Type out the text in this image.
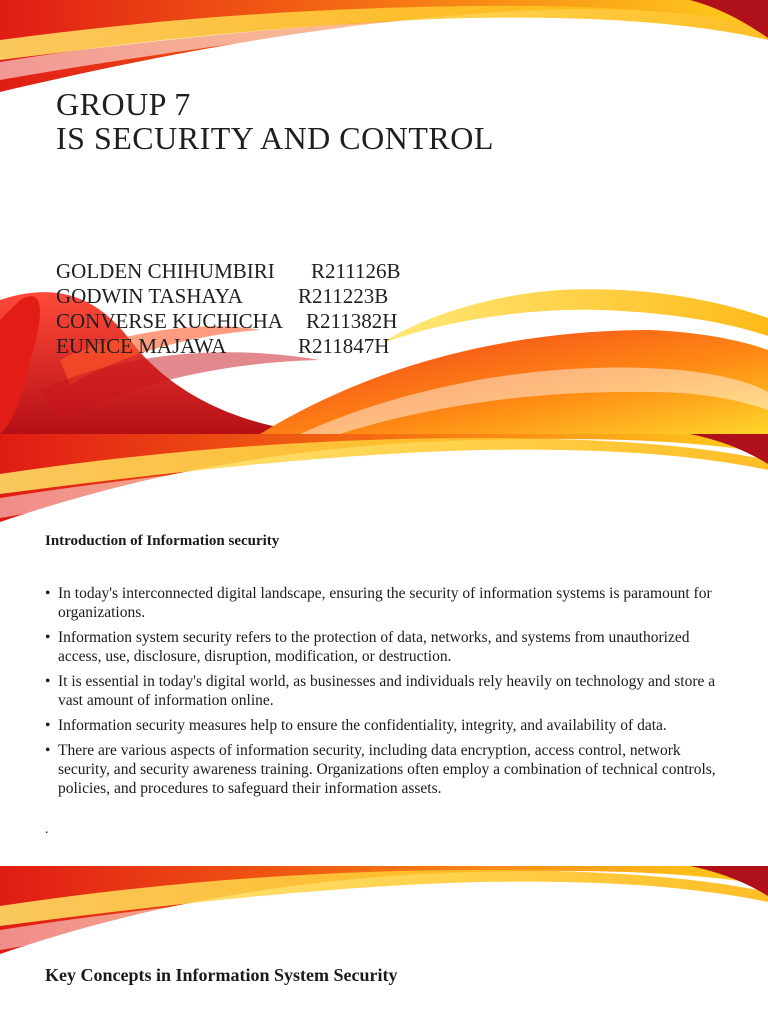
GROUP 7
IS SECURITY AND CONTROL
GOLDEN CHIHUMBIRI R211126B
GODWIN TASHAYA	R211223B
CONVERSE KUCHICHA R211382H
EUNICE MAJAWA	R211847H
Introduction of Information security
• In today's interconnected digital landscape, ensuring the security of information systems is paramount for organizations.
• Information system security refers to the protection of data, networks, and systems from unauthorized access, use, disclosure, disruption, modification, or destruction.
• It is essential in today's digital world, as businesses and individuals rely heavily on technology and store a vast amount of information online.
• Information security measures help to ensure the confidentiality, integrity, and availability of data.
• There are various aspects of information security, including data encryption, access control, network security, and security awareness training. Organizations often employ a combination of technical controls, policies, and procedures to safeguard their information assets.
.
Key Concepts in Information System Security
